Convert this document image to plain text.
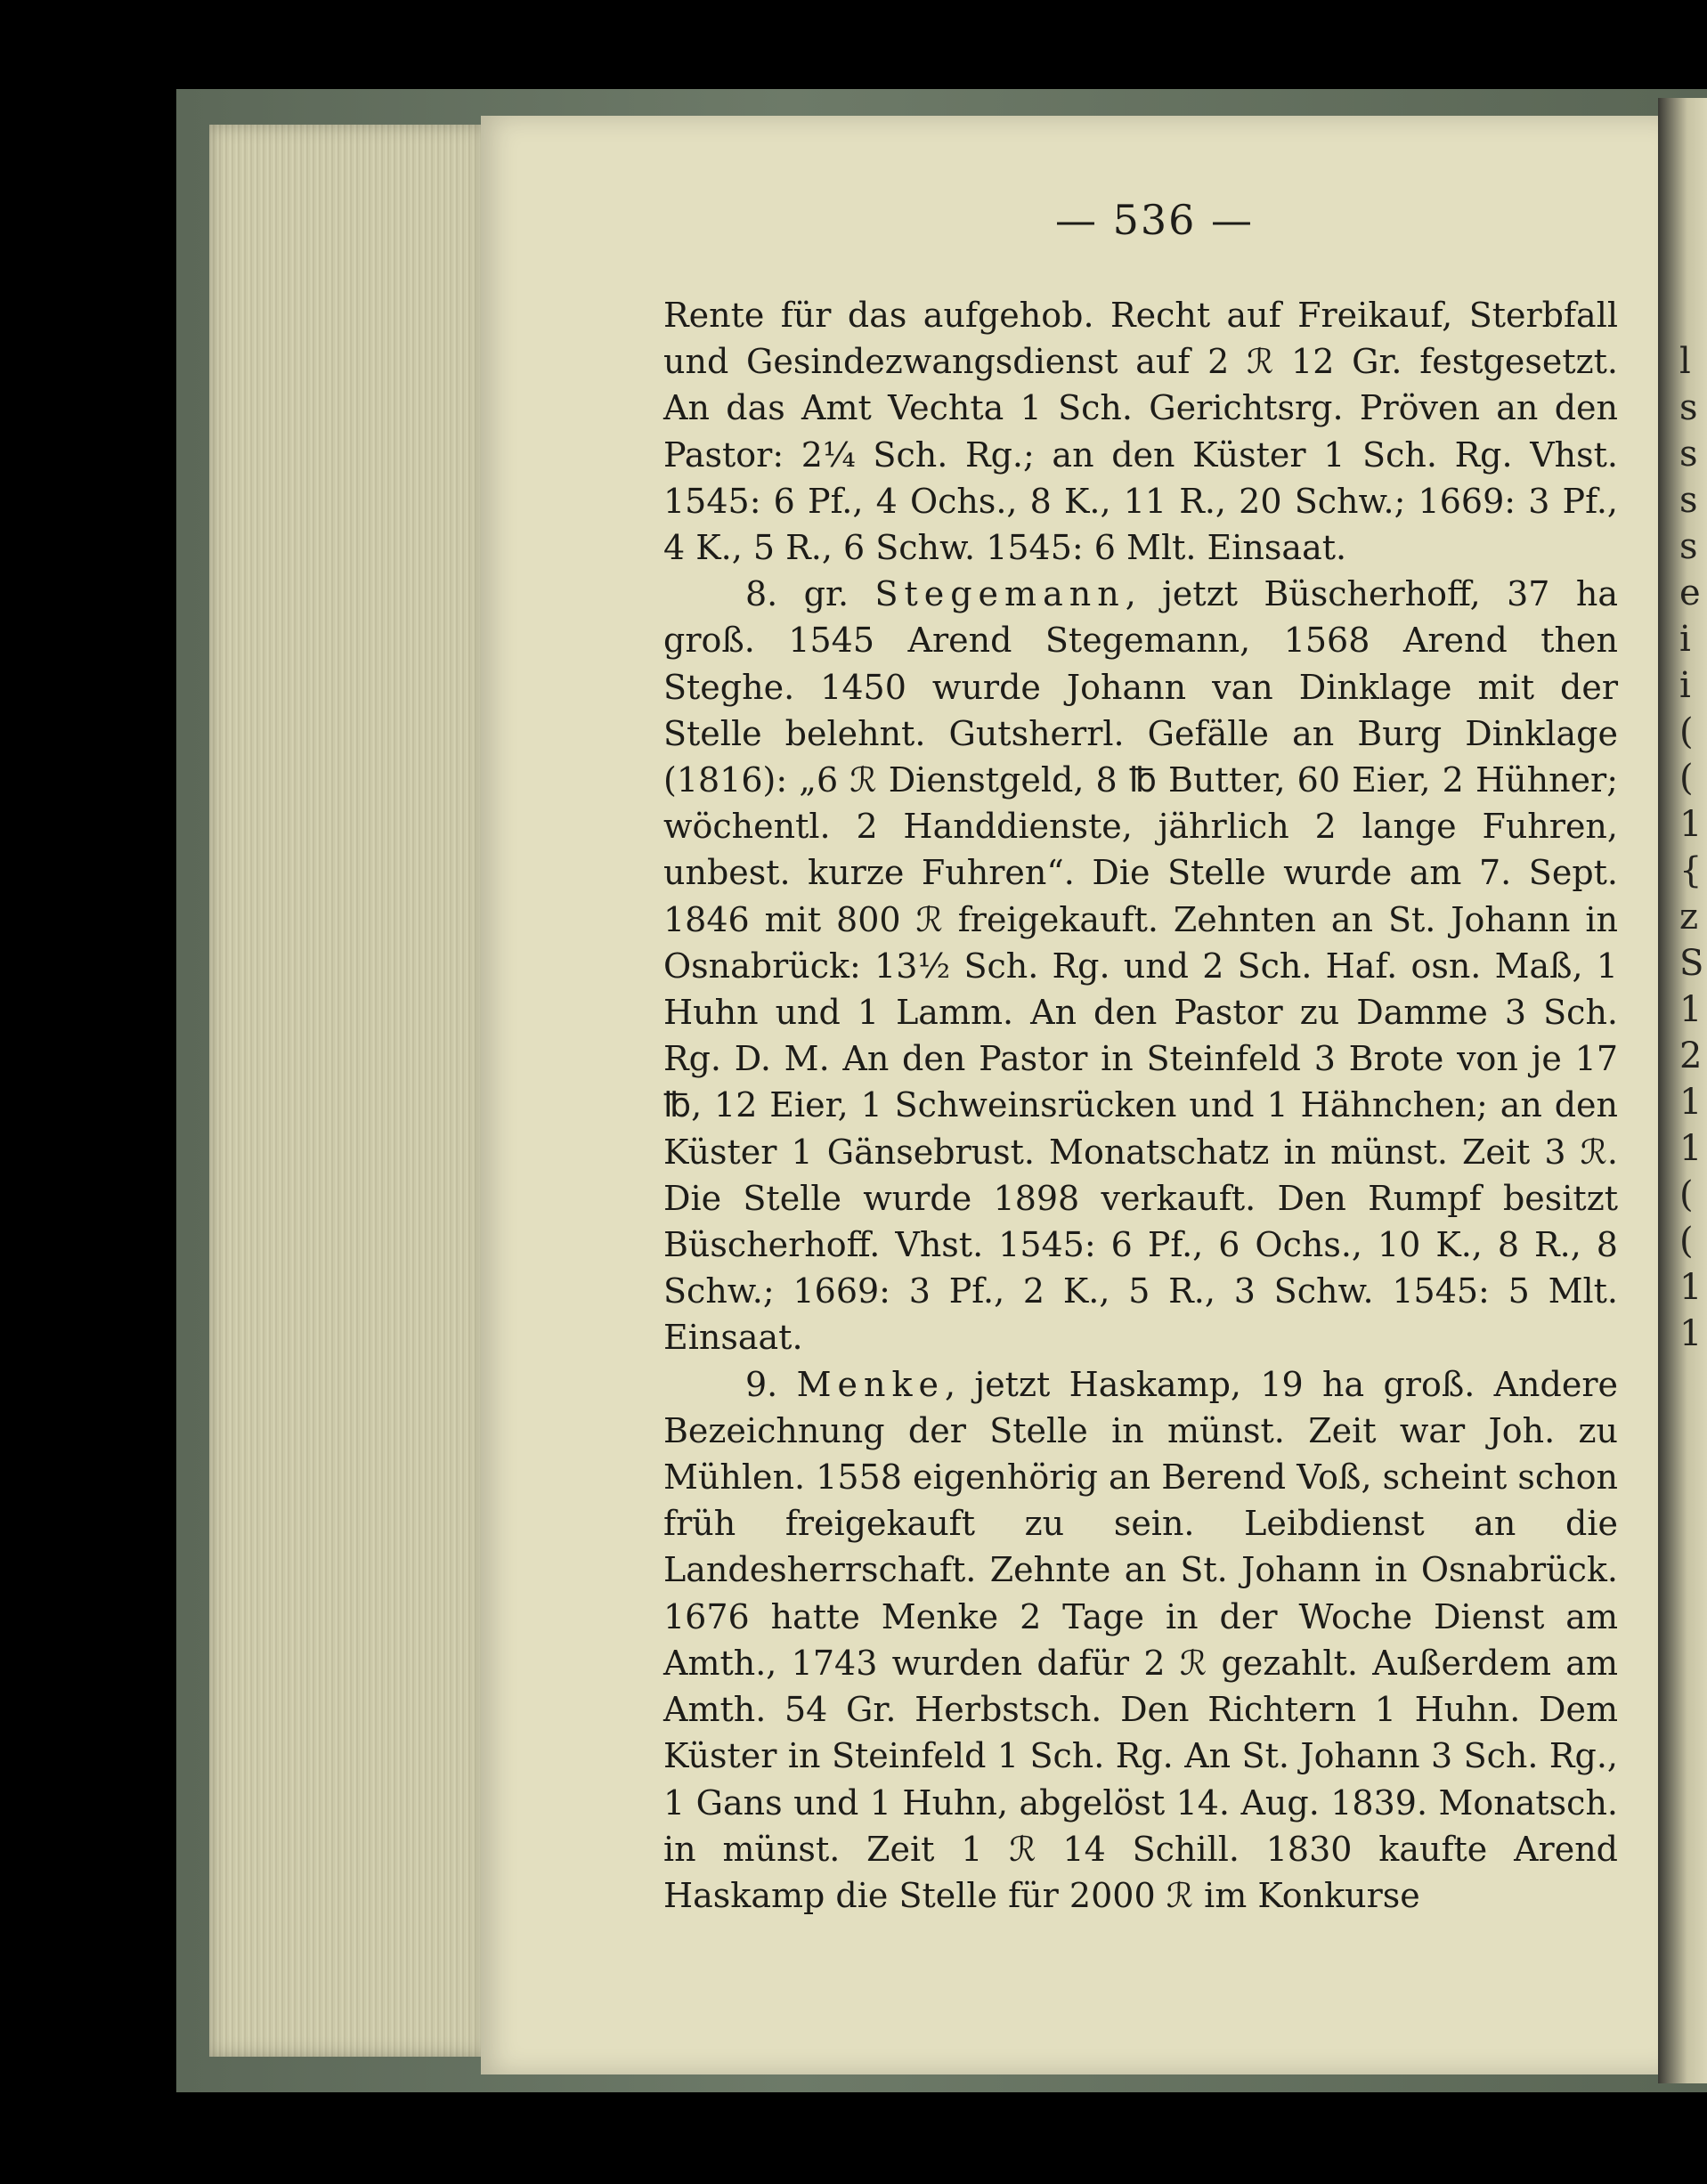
l
s
s
s
s
e
i
i
(
(
1
{
z
S
1
2
1
1
(
(
1
1
— 536 —

Rente für das aufgehob. Recht auf Freikauf, Sterbfall und Gesindezwangsdienst auf 2 ℛ 12 Gr. festgesetzt. An das Amt Vechta 1 Sch. Gerichtsrg. Pröven an den Pastor: 2¼ Sch. Rg.; an den Küster 1 Sch. Rg. Vhst. 1545: 6 Pf., 4 Ochs., 8 K., 11 R., 20 Schw.; 1669: 3 Pf., 4 K., 5 R., 6 Schw. 1545: 6 Mlt. Einsaat.

8. gr. Stegemann, jetzt Büscherhoff, 37 ha groß. 1545 Arend Stegemann, 1568 Arend then Steghe. 1450 wurde Johann van Dinklage mit der Stelle belehnt. Gutsherrl. Gefälle an Burg Dinklage (1816): „6 ℛ Dienstgeld, 8 ℔ Butter, 60 Eier, 2 Hühner; wöchentl. 2 Handdienste, jährlich 2 lange Fuhren, unbest. kurze Fuhren“. Die Stelle wurde am 7. Sept. 1846 mit 800 ℛ freigekauft. Zehnten an St. Johann in Osnabrück: 13½ Sch. Rg. und 2 Sch. Haf. osn. Maß, 1 Huhn und 1 Lamm. An den Pastor zu Damme 3 Sch. Rg. D. M. An den Pastor in Steinfeld 3 Brote von je 17 ℔, 12 Eier, 1 Schweinsrücken und 1 Hähnchen; an den Küster 1 Gänsebrust. Monatschatz in münst. Zeit 3 ℛ. Die Stelle wurde 1898 verkauft. Den Rumpf besitzt Büscherhoff. Vhst. 1545: 6 Pf., 6 Ochs., 10 K., 8 R., 8 Schw.; 1669: 3 Pf., 2 K., 5 R., 3 Schw. 1545: 5 Mlt. Einsaat.

9. Menke, jetzt Haskamp, 19 ha groß. Andere Bezeichnung der Stelle in münst. Zeit war Joh. zu Mühlen. 1558 eigenhörig an Berend Voß, scheint schon früh freigekauft zu sein. Leibdienst an die Landesherrschaft. Zehnte an St. Johann in Osnabrück. 1676 hatte Menke 2 Tage in der Woche Dienst am Amth., 1743 wurden dafür 2 ℛ gezahlt. Außerdem am Amth. 54 Gr. Herbstsch. Den Richtern 1 Huhn. Dem Küster in Steinfeld 1 Sch. Rg. An St. Johann 3 Sch. Rg., 1 Gans und 1 Huhn, abgelöst 14. Aug. 1839. Monatsch. in münst. Zeit 1 ℛ 14 Schill. 1830 kaufte Arend Haskamp die Stelle für 2000 ℛ im Konkurse
